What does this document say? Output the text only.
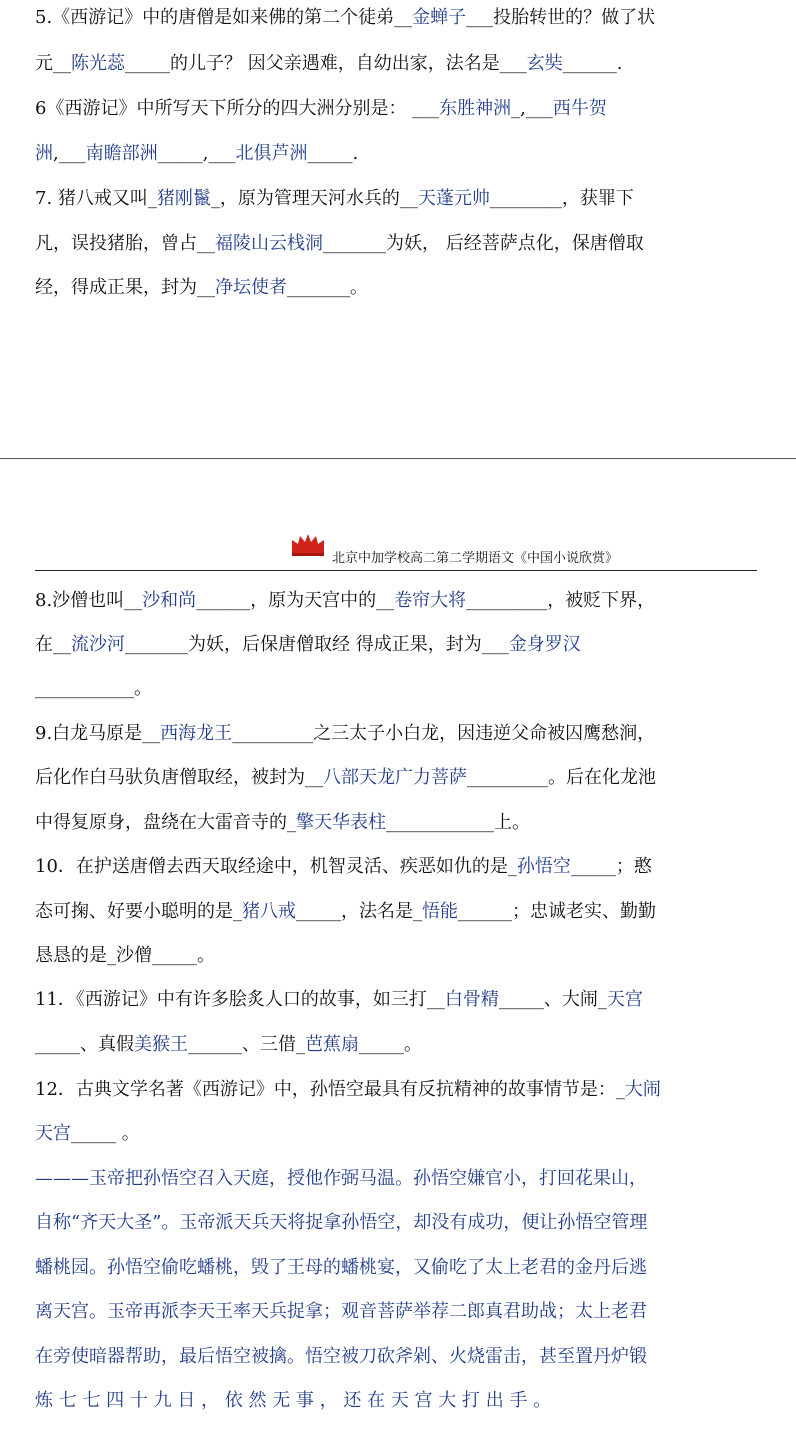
北京中加学校高二第二学期语文《中国小说欣赏》
5.《西游记》中的唐僧是如来佛的第二个徒弟__金蝉子___投胎转世的？做了状
元__陈光蕊_____的儿子？ 因父亲遇难，自幼出家，法名是___玄奘______.
6《西游记》中所写天下所分的四大洲分别是： ___东胜神洲_,___西牛贺
洲,___南瞻部洲_____,___北俱芦洲_____.
7. 猪八戒又叫_猪刚鬣_，原为管理天河水兵的__天蓬元帅________，获罪下
凡，误投猪胎，曾占__福陵山云栈洞_______为妖， 后经菩萨点化，保唐僧取
经，得成正果，封为__净坛使者_______。
8.沙僧也叫__沙和尚______，原为天宫中的__卷帘大将_________，被贬下界，
在__流沙河_______为妖，后保唐僧取经 得成正果，封为___金身罗汉
___________。
9.白龙马原是__西海龙王_________之三太子小白龙，因违逆父命被囚鹰愁涧，
后化作白马驮负唐僧取经，被封为__八部天龙广力菩萨_________。后在化龙池
中得复原身，盘绕在大雷音寺的_擎天华表柱____________上。
10．在护送唐僧去西天取经途中，机智灵活、疾恶如仇的是_孙悟空_____；憨
态可掬、好要小聪明的是_猪八戒_____，法名是_悟能______；忠诚老实、勤勤
恳恳的是_沙僧_____。
11．《西游记》中有许多脍炙人口的故事，如三打__白骨精_____、大闹_天宫
_____、真假美猴王______、三借_芭蕉扇_____。
12．古典文学名著《西游记》中，孙悟空最具有反抗精神的故事情节是：_大闹
天宫_____ 。
———玉帝把孙悟空召入天庭，授他作弼马温。孙悟空嫌官小，打回花果山，
自称“齐天大圣”。玉帝派天兵天将捉拿孙悟空，却没有成功，便让孙悟空管理
蟠桃园。孙悟空偷吃蟠桃，毁了王母的蟠桃宴，又偷吃了太上老君的金丹后逃
离天宫。玉帝再派李天王率天兵捉拿；观音菩萨举荐二郎真君助战；太上老君
在旁使暗器帮助，最后悟空被擒。悟空被刀砍斧剁、火烧雷击，甚至置丹炉锻
炼 七 七 四 十 九 日 ， 依 然 无 事 ， 还 在 天 宫 大 打 出 手 。
